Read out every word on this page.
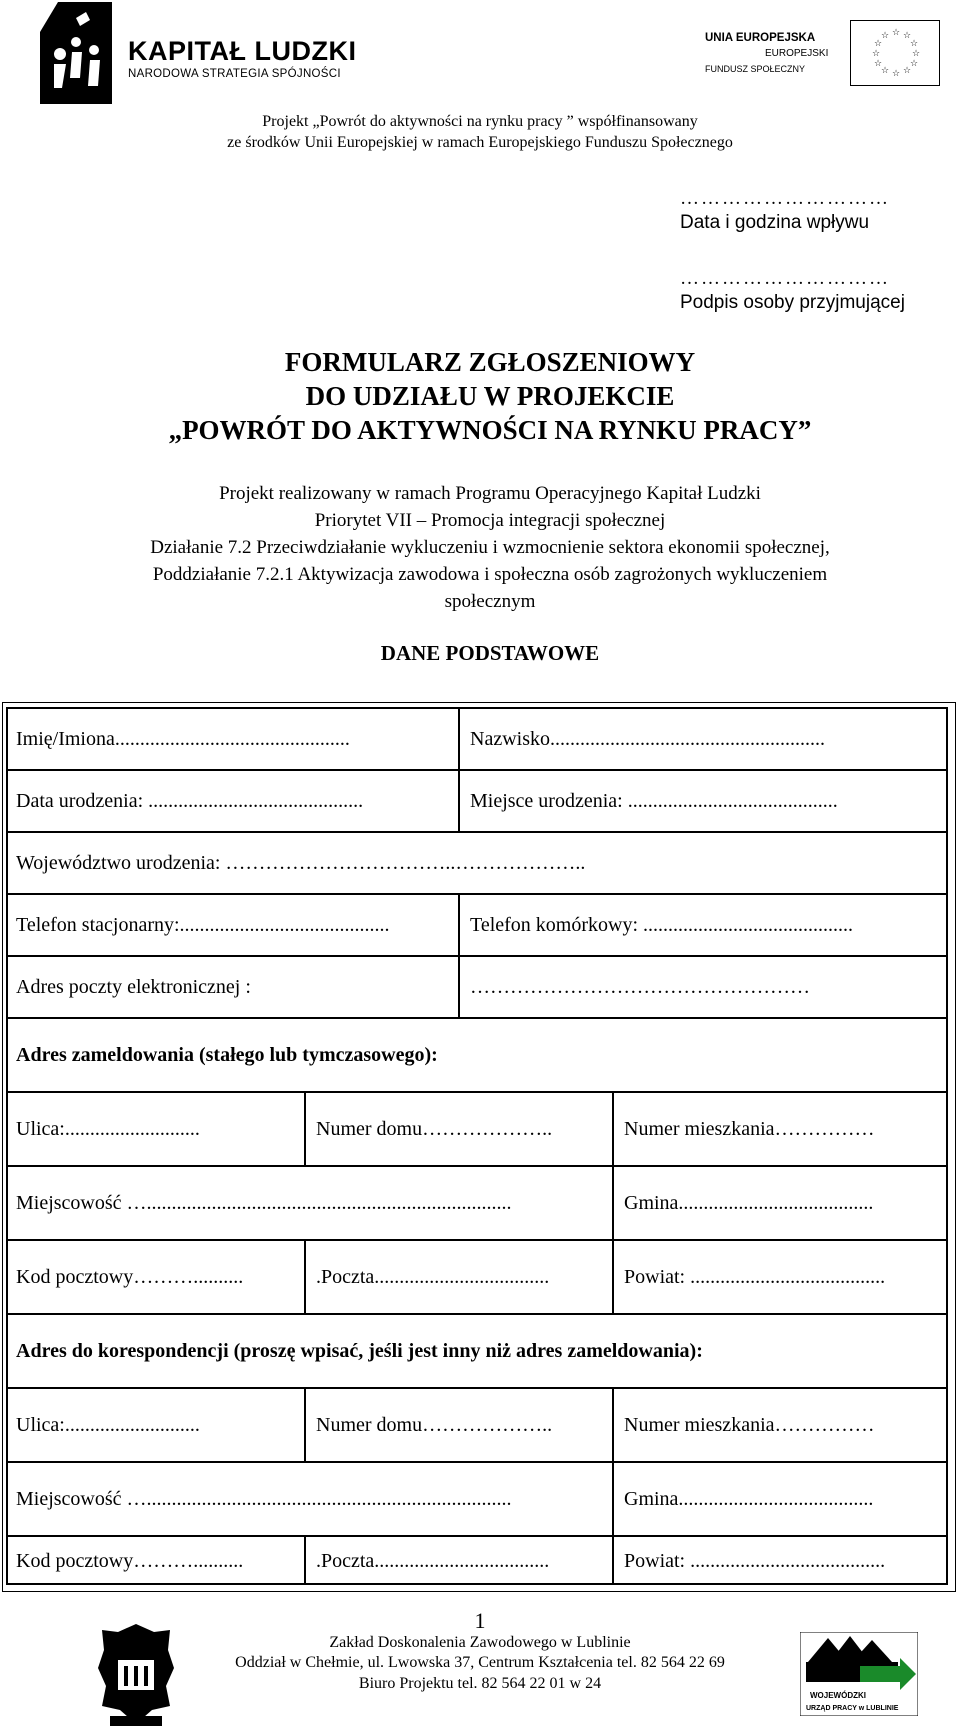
KAPITAŁ LUDZKI
NARODOWA STRATEGIA SPÓJNOŚCI
UNIA EUROPEJSKA
EUROPEJSKI
FUNDUSZ SPOŁECZNY
☆ ☆
☆
☆
☆
☆
☆
☆
☆
☆
☆
☆
Projekt „Powrót do aktywności na rynku pracy ” współfinansowany
ze środków Unii Europejskiej w ramach Europejskiego Funduszu Społecznego
…………………………
Data i godzina wpływu
…………………………
Podpis osoby przyjmującej
FORMULARZ ZGŁOSZENIOWY
DO UDZIAŁU W PROJEKCIE
„POWRÓT DO AKTYWNOŚCI NA RYNKU PRACY”
Projekt realizowany w ramach Programu Operacyjnego Kapitał Ludzki
Priorytet VII – Promocja integracji społecznej
Działanie 7.2 Przeciwdziałanie wykluczeniu i wzmocnienie sektora ekonomii społecznej,
Poddziałanie 7.2.1 Aktywizacja zawodowa i społeczna osób zagrożonych wykluczeniem
społecznym
DANE PODSTAWOWE
Imię/Imiona...............................................	Nazwisko.......................................................
Data urodzenia: ...........................................	Miejsce urodzenia: ..........................................
Województwo urodzenia: ……………………………..………………..
Telefon stacjonarny:..........................................	Telefon komórkowy: ..........................................
Adres poczty elektronicznej :	……………………………………………
Adres zameldowania (stałego lub tymczasowego):
Ulica:...........................	Numer domu………………..	Numer mieszkania……………
Miejscowość ….........................................................................	Gmina.......................................
Kod pocztowy………..........	.Poczta...................................	Powiat: .......................................
Adres do korespondencji (proszę wpisać, jeśli jest inny niż adres zameldowania):
Ulica:...........................	Numer domu………………..	Numer mieszkania……………
Miejscowość ….........................................................................	Gmina.......................................
Kod pocztowy………..........	.Poczta...................................	Powiat: .......................................
1
Zakład Doskonalenia Zawodowego w Lublinie
Oddział w Chełmie, ul. Lwowska 37, Centrum Kształcenia tel. 82 564 22 69
Biuro Projektu tel. 82 564 22 01 w 24
WOJEWÓDZKI
URZĄD PRACY w LUBLINIE
